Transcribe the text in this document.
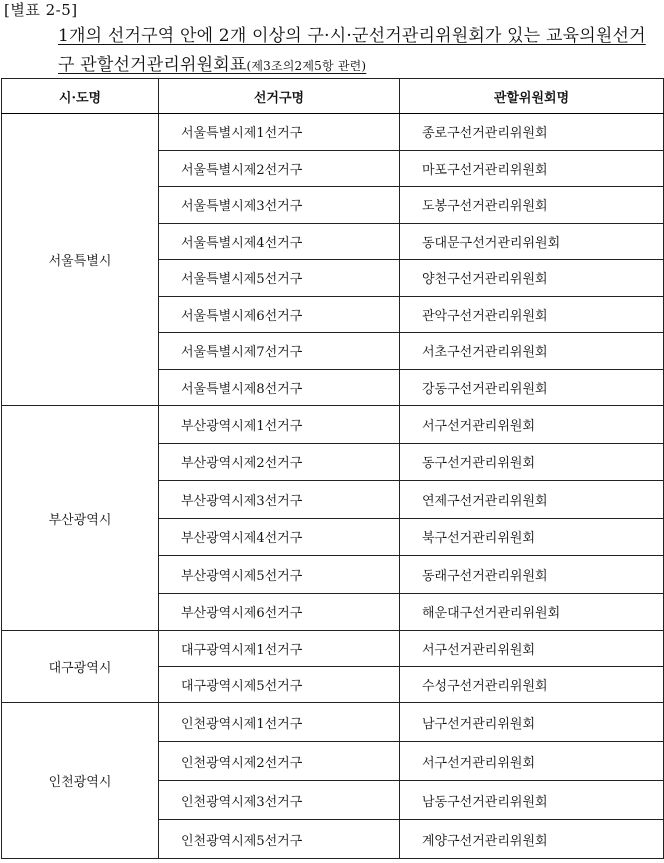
[별표 2-5]
1개의 선거구역 안에 2개 이상의 구·시·군선거관리위원회가 있는 교육의원선거구 관할선거관리위원회표(제3조의2제5항 관련)
시·도명	선거구명	관할위원회명
서울특별시	서울특별시제1선거구	종로구선거관리위원회
	서울특별시제2선거구	마포구선거관리위원회
	서울특별시제3선거구	도봉구선거관리위원회
	서울특별시제4선거구	동대문구선거관리위원회
	서울특별시제5선거구	양천구선거관리위원회
	서울특별시제6선거구	관악구선거관리위원회
	서울특별시제7선거구	서초구선거관리위원회
	서울특별시제8선거구	강동구선거관리위원회
부산광역시	부산광역시제1선거구	서구선거관리위원회
	부산광역시제2선거구	동구선거관리위원회
	부산광역시제3선거구	연제구선거관리위원회
	부산광역시제4선거구	북구선거관리위원회
	부산광역시제5선거구	동래구선거관리위원회
	부산광역시제6선거구	해운대구선거관리위원회
대구광역시	대구광역시제1선거구	서구선거관리위원회
	대구광역시제5선거구	수성구선거관리위원회
인천광역시	인천광역시제1선거구	남구선거관리위원회
	인천광역시제2선거구	서구선거관리위원회
	인천광역시제3선거구	남동구선거관리위원회
	인천광역시제5선거구	계양구선거관리위원회
